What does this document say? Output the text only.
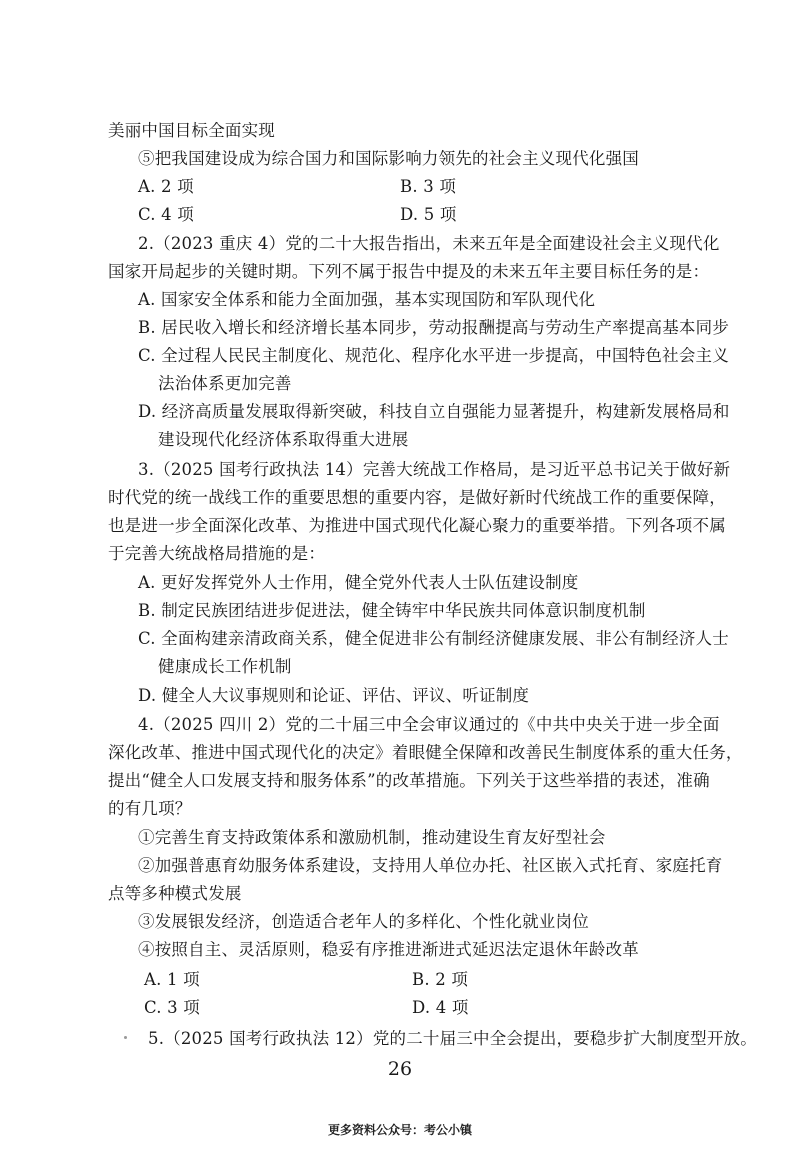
美丽中国目标全面实现

⑤把我国建设成为综合国力和国际影响力领先的社会主义现代化强国

A. 2 项	B. 3 项
C. 4 项	D. 5 项

2.（2023 重庆 4）党的二十大报告指出，未来五年是全面建设社会主义现代化

国家开局起步的关键时期。下列不属于报告中提及的未来五年主要目标任务的是：

A. 国家安全体系和能力全面加强，基本实现国防和军队现代化

B. 居民收入增长和经济增长基本同步，劳动报酬提高与劳动生产率提高基本同步

C. 全过程人民民主制度化、规范化、程序化水平进一步提高，中国特色社会主义

法治体系更加完善

D. 经济高质量发展取得新突破，科技自立自强能力显著提升，构建新发展格局和

建设现代化经济体系取得重大进展

3.（2025 国考行政执法 14）完善大统战工作格局，是习近平总书记关于做好新

时代党的统一战线工作的重要思想的重要内容，是做好新时代统战工作的重要保障，

也是进一步全面深化改革、为推进中国式现代化凝心聚力的重要举措。下列各项不属

于完善大统战格局措施的是：

A. 更好发挥党外人士作用，健全党外代表人士队伍建设制度

B. 制定民族团结进步促进法，健全铸牢中华民族共同体意识制度机制

C. 全面构建亲清政商关系，健全促进非公有制经济健康发展、非公有制经济人士

健康成长工作机制

D. 健全人大议事规则和论证、评估、评议、听证制度

4.（2025 四川 2）党的二十届三中全会审议通过的《中共中央关于进一步全面

深化改革、推进中国式现代化的决定》着眼健全保障和改善民生制度体系的重大任务，

提出“健全人口发展支持和服务体系”的改革措施。下列关于这些举措的表述，准确

的有几项？

①完善生育支持政策体系和激励机制，推动建设生育友好型社会

②加强普惠育幼服务体系建设，支持用人单位办托、社区嵌入式托育、家庭托育

点等多种模式发展

③发展银发经济，创造适合老年人的多样化、个性化就业岗位

④按照自主、灵活原则，稳妥有序推进渐进式延迟法定退休年龄改革

A. 1 项	B. 2 项
C. 3 项	D. 4 项

5.（2025 国考行政执法 12）党的二十届三中全会提出，要稳步扩大制度型开放。

26
更多资料公众号：考公小镇
